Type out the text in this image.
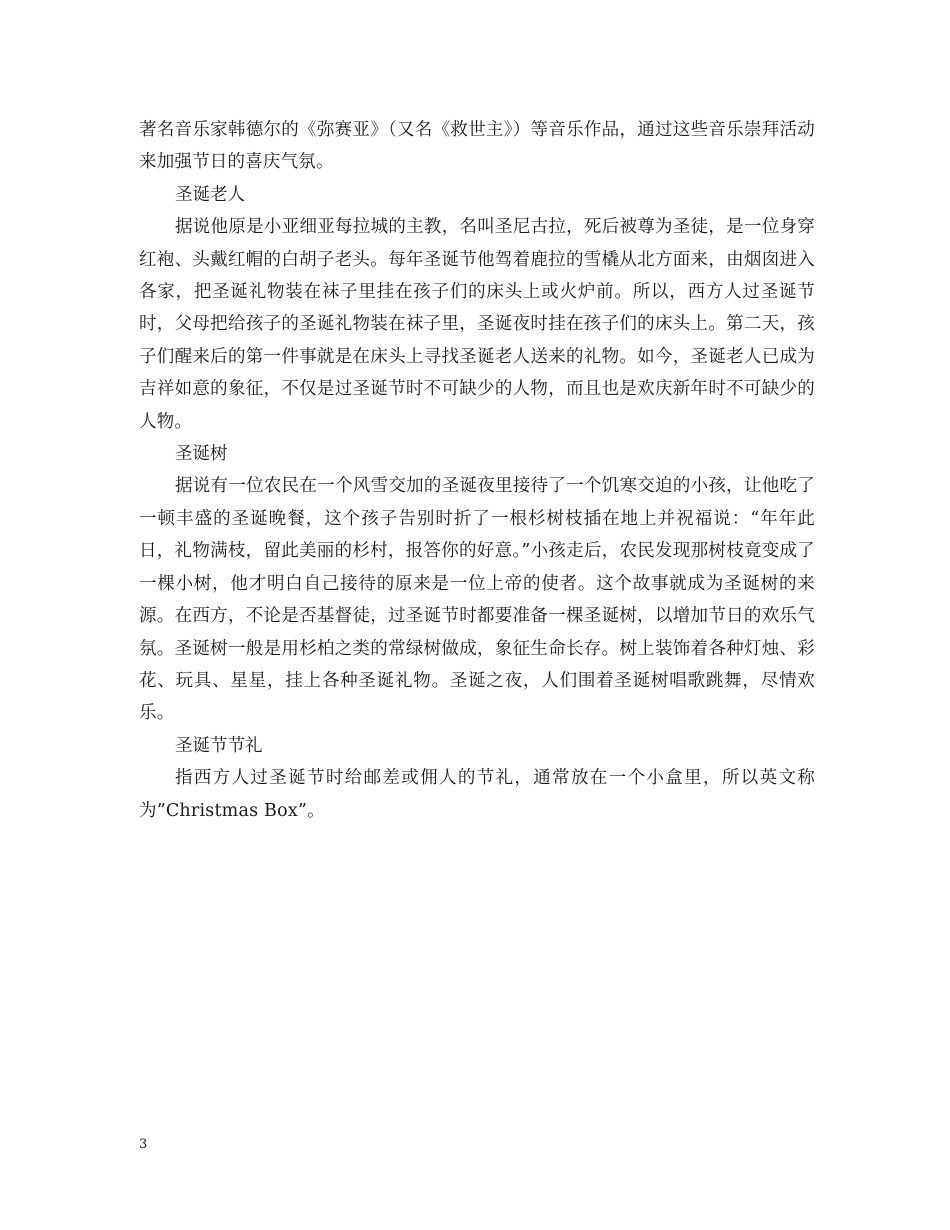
著名音乐家韩德尔的《弥赛亚》（又名《救世主》）等音乐作品，通过这些音乐崇拜活动来加强节日的喜庆气氛。

圣诞老人

据说他原是小亚细亚每拉城的主教，名叫圣尼古拉，死后被尊为圣徒，是一位身穿红袍、头戴红帽的白胡子老头。每年圣诞节他驾着鹿拉的雪橇从北方面来，由烟囱进入各家，把圣诞礼物装在袜子里挂在孩子们的床头上或火炉前。所以，西方人过圣诞节时，父母把给孩子的圣诞礼物装在袜子里，圣诞夜时挂在孩子们的床头上。第二天，孩子们醒来后的第一件事就是在床头上寻找圣诞老人送来的礼物。如今，圣诞老人已成为吉祥如意的象征，不仅是过圣诞节时不可缺少的人物，而且也是欢庆新年时不可缺少的人物。

圣诞树

据说有一位农民在一个风雪交加的圣诞夜里接待了一个饥寒交迫的小孩，让他吃了一顿丰盛的圣诞晚餐，这个孩子告别时折了一根杉树枝插在地上并祝福说：“年年此日，礼物满枝，留此美丽的杉村，报答你的好意。”小孩走后，农民发现那树枝竟变成了一棵小树，他才明白自己接待的原来是一位上帝的使者。这个故事就成为圣诞树的来源。在西方，不论是否基督徒，过圣诞节时都要准备一棵圣诞树，以增加节日的欢乐气氛。圣诞树一般是用杉柏之类的常绿树做成，象征生命长存。树上装饰着各种灯烛、彩花、玩具、星星，挂上各种圣诞礼物。圣诞之夜，人们围着圣诞树唱歌跳舞，尽情欢乐。

圣诞节节礼

指西方人过圣诞节时给邮差或佣人的节礼，通常放在一个小盒里，所以英文称为”Christmas Box”。

3
